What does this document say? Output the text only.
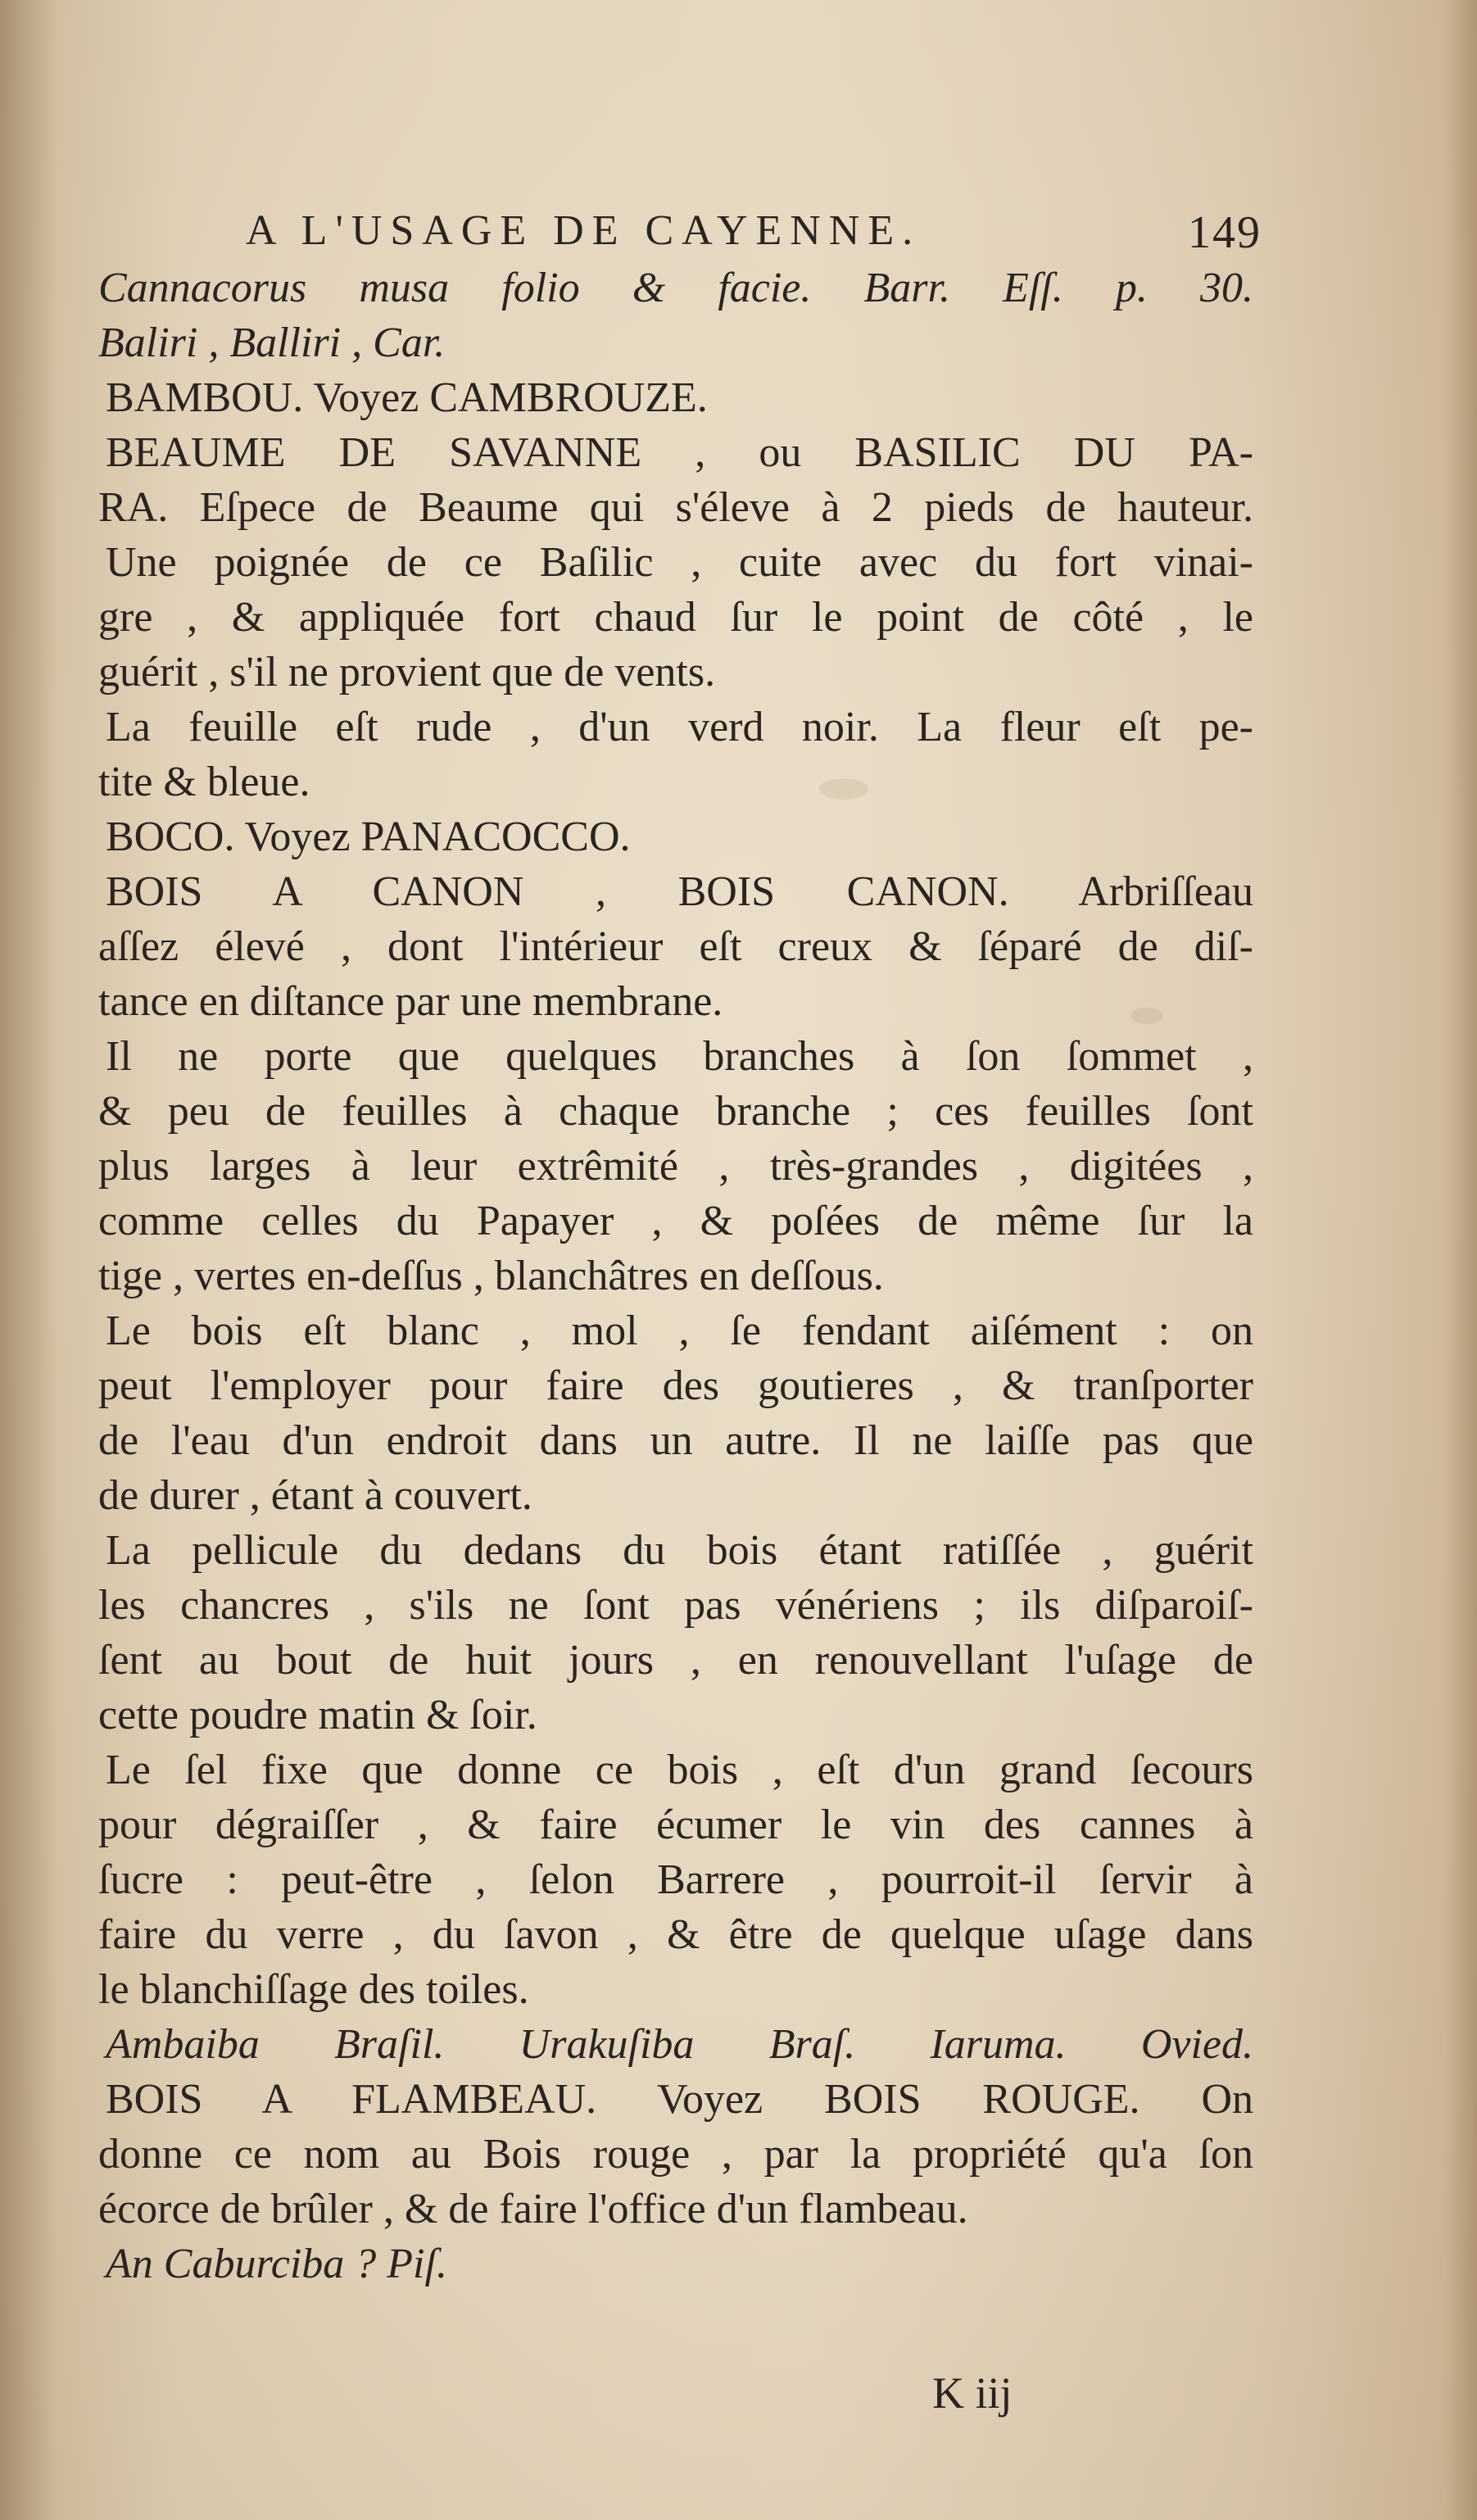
A L'USAGE DE CAYENNE.	149
Cannacorus musa folio & facie. Barr. Eſſ. p. 30.
Baliri , Balliri , Car.
BAMBOU. Voyez CAMBROUZE.
BEAUME DE SAVANNE , ou BASILIC DU PA-
RA. Eſpece de Beaume qui s'éleve à 2 pieds de hauteur.
Une poignée de ce Baſilic , cuite avec du fort vinai-
gre , & appliquée fort chaud ſur le point de côté , le
guérit , s'il ne provient que de vents.
La feuille eſt rude , d'un verd noir. La fleur eſt pe-
tite & bleue.
BOCO. Voyez PANACOCCO.
BOIS A CANON , BOIS CANON. Arbriſſeau
aſſez élevé , dont l'intérieur eſt creux & ſéparé de diſ-
tance en diſtance par une membrane.
Il ne porte que quelques branches à ſon ſommet ,
& peu de feuilles à chaque branche ; ces feuilles ſont
plus larges à leur extrêmité , très-grandes , digitées ,
comme celles du Papayer , & poſées de même ſur la
tige , vertes en-deſſus , blanchâtres en deſſous.
Le bois eſt blanc , mol , ſe fendant aiſément : on
peut l'employer pour faire des goutieres , & tranſporter
de l'eau d'un endroit dans un autre. Il ne laiſſe pas que
de durer , étant à couvert.
La pellicule du dedans du bois étant ratiſſée , guérit
les chancres , s'ils ne ſont pas vénériens ; ils diſparoiſ-
ſent au bout de huit jours , en renouvellant l'uſage de
cette poudre matin & ſoir.
Le ſel fixe que donne ce bois , eſt d'un grand ſecours
pour dégraiſſer , & faire écumer le vin des cannes à
ſucre : peut-être , ſelon Barrere , pourroit-il ſervir à
faire du verre , du ſavon , & être de quelque uſage dans
le blanchiſſage des toiles.
Ambaiba Braſil. Urakuſiba Braſ. Iaruma. Ovied.
BOIS A FLAMBEAU. Voyez BOIS ROUGE. On
donne ce nom au Bois rouge , par la propriété qu'a ſon
écorce de brûler , & de faire l'office d'un flambeau.
An Caburciba ? Piſ.
K iij
